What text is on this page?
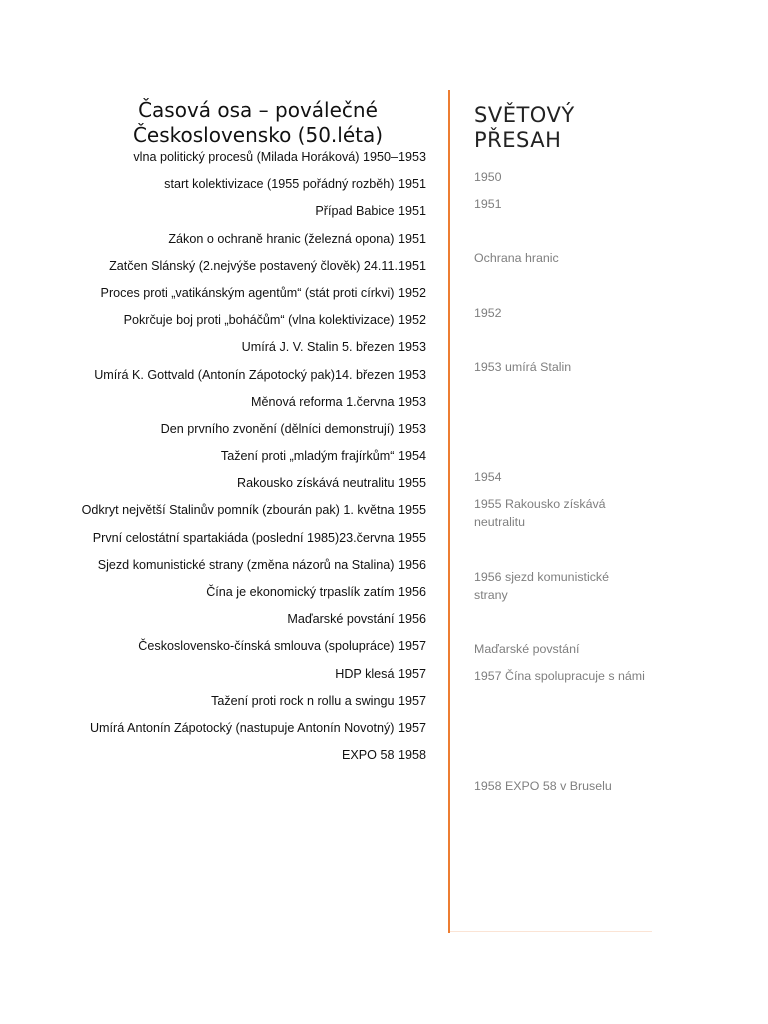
Časová osa – poválečné
Československo (50.léta)
vlna politický procesů (Milada Horáková) 1950–1953
start kolektivizace (1955 pořádný rozběh) 1951
Případ Babice 1951
Zákon o ochraně hranic (železná opona) 1951
Zatčen Slánský (2.nejvýše postavený člověk) 24.11.1951
Proces proti „vatikánským agentům“ (stát proti církvi) 1952
Pokrčuje boj proti „boháčům“ (vlna kolektivizace) 1952
Umírá J. V. Stalin 5. březen 1953
Umírá K. Gottvald (Antonín Zápotocký pak)14. březen 1953
Měnová reforma 1.června 1953
Den prvního zvonění (dělníci demonstrují) 1953
Tažení proti „mladým frajírkům“ 1954
Rakousko získává neutralitu 1955
Odkryt největší Stalinův pomník (zbourán pak) 1. května 1955
První celostátní spartakiáda (poslední 1985)23.června 1955
Sjezd komunistické strany (změna názorů na Stalina) 1956
Čína je ekonomický trpaslík zatím 1956
Maďarské povstání 1956
Československo-čínská smlouva (spolupráce) 1957
HDP klesá 1957
Tažení proti rock n rollu a swingu 1957
Umírá Antonín Zápotocký (nastupuje Antonín Novotný) 1957
EXPO 58 1958
SVĚTOVÝ
PŘESAH
1950
1951
Ochrana hranic
1952
1953 umírá Stalin
1954
1955 Rakousko získává neutralitu
1956 sjezd komunistické strany
Maďarské povstání
1957 Čína spolupracuje s námi
1958 EXPO 58 v Bruselu
